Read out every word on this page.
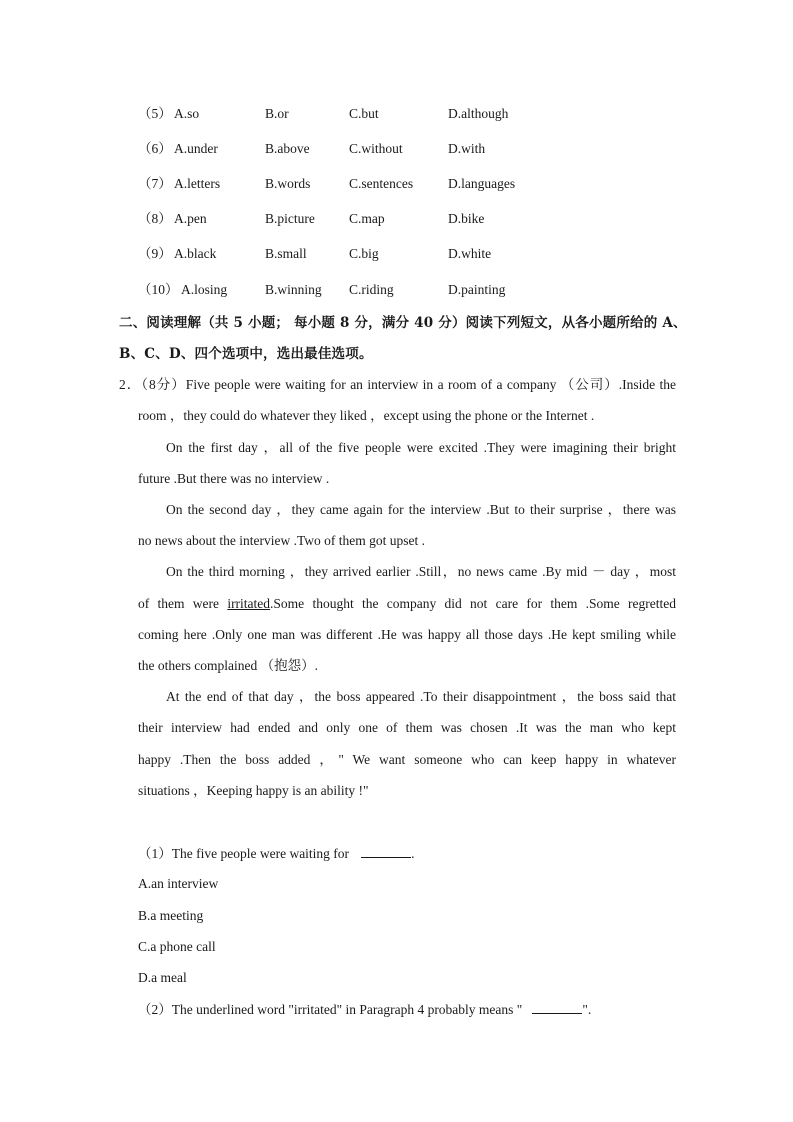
（5） A.so	B.or	C.but	D.although
（6） A.under	B.above	C.without	D.with
（7） A.letters	B.words	C.sentences	D.languages
（8） A.pen	B.picture	C.map	D.bike
（9） A.black	B.small	C.big	D.white
（10） A.losing	B.winning C.riding	D.painting
二、阅读理解（共 5 小题； 每小题 8 分，满分 40 分）阅读下列短文，从各小题所给的 A、
B、C、D、四个选项中，选出最佳选项。
2．（8分）Five people were waiting for an interview in a room of a company （公司）.Inside the
room ，they could do whatever they liked ，except using the phone or the Internet .
On the first day ，all of the five people were excited .They were imagining their bright
future .But there was no interview .
On the second day ，they came again for the interview .But to their surprise ，there was
no news about the interview .Two of them got upset .
On the third morning ，they arrived earlier .Still，no news came .By mid － day ，most
of them were irritated.Some thought the company did not care for them .Some regretted
coming here .Only one man was different .He was happy all those days .He kept smiling while
the others complained （抱怨）.
At the end of that day ，the boss appeared .To their disappointment ，the boss said that
their interview had ended and only one of them was chosen .It was the man who kept
happy .Then the boss added ，" We want someone who can keep happy in whatever
situations ，Keeping happy is an ability !"
（1）The five people were waiting for	.
A.an interview
B.a meeting
C.a phone call
D.a meal
（2）The underlined word "irritated" in Paragraph 4 probably means "	".
